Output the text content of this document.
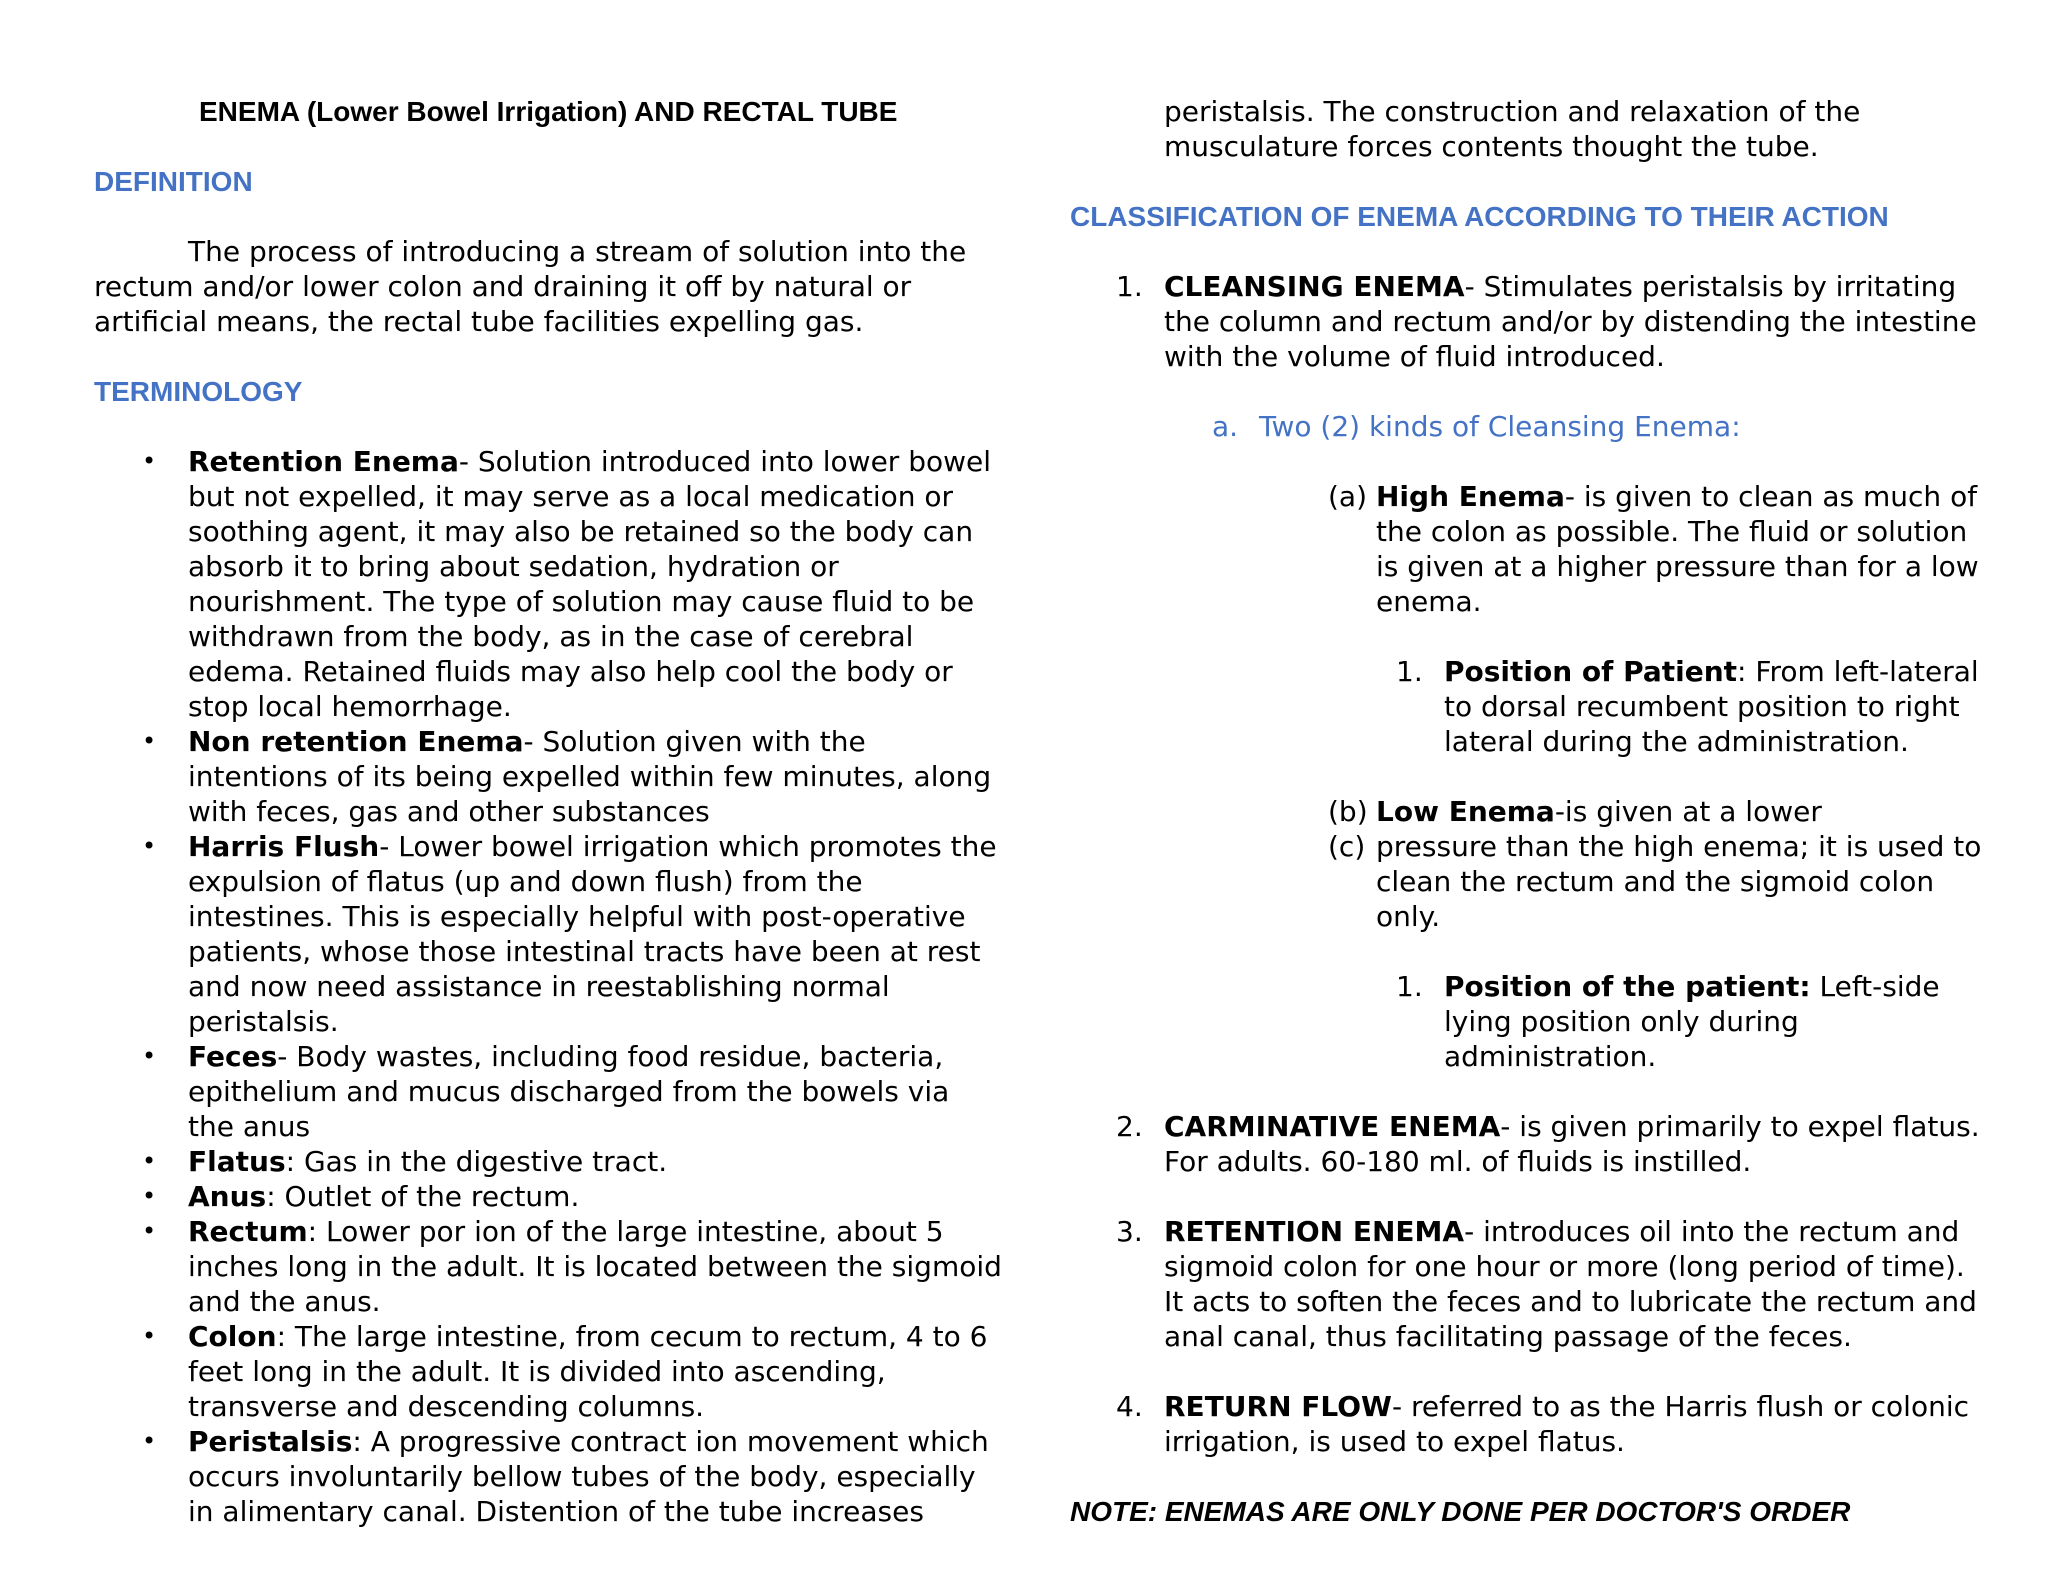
ENEMA (Lower Bowel Irrigation) AND RECTAL TUBE
DEFINITION
The process of introducing a stream of solution into the rectum and/or lower colon and draining it off by natural or artificial means, the rectal tube facilities expelling gas.
TERMINOLOGY
• Retention Enema- Solution introduced into lower bowel but not expelled, it may serve as a local medication or soothing agent, it may also be retained so the body can absorb it to bring about sedation, hydration or nourishment. The type of solution may cause fluid to be withdrawn from the body, as in the case of cerebral edema. Retained fluids may also help cool the body or stop local hemorrhage.
• Non retention Enema- Solution given with the intentions of its being expelled within few minutes, along with feces, gas and other substances
• Harris Flush- Lower bowel irrigation which promotes the expulsion of flatus (up and down flush) from the intestines. This is especially helpful with post-operative patients, whose those intestinal tracts have been at rest and now need assistance in reestablishing normal peristalsis.
• Feces- Body wastes, including food residue, bacteria, epithelium and mucus discharged from the bowels via the anus
• Flatus: Gas in the digestive tract.
• Anus: Outlet of the rectum.
• Rectum: Lower por ion of the large intestine, about 5 inches long in the adult. It is located between the sigmoid and the anus.
• Colon: The large intestine, from cecum to rectum, 4 to 6 feet long in the adult. It is divided into ascending, transverse and descending columns.
• Peristalsis: A progressive contract ion movement which occurs involuntarily bellow tubes of the body, especially in alimentary canal. Distention of the tube increases
peristalsis. The construction and relaxation of the musculature forces contents thought the tube.
CLASSIFICATION OF ENEMA ACCORDING TO THEIR ACTION
1. CLEANSING ENEMA- Stimulates peristalsis by irritating the column and rectum and/or by distending the intestine with the volume of fluid introduced.
a. Two (2) kinds of Cleansing Enema:
(a) High Enema- is given to clean as much of the colon as possible. The fluid or solution is given at a higher pressure than for a low enema.
1. Position of Patient: From left-lateral to dorsal recumbent position to right lateral during the administration.
(b) Low Enema-is given at a lower
(c) pressure than the high enema; it is used to clean the rectum and the sigmoid colon only.
1. Position of the patient: Left-side lying position only during administration.
2. CARMINATIVE ENEMA- is given primarily to expel flatus. For adults. 60-180 ml. of fluids is instilled.
3. RETENTION ENEMA- introduces oil into the rectum and sigmoid colon for one hour or more (long period of time). It acts to soften the feces and to lubricate the rectum and anal canal, thus facilitating passage of the feces.
4. RETURN FLOW- referred to as the Harris flush or colonic irrigation, is used to expel flatus.
NOTE: ENEMAS ARE ONLY DONE PER DOCTOR'S ORDER
